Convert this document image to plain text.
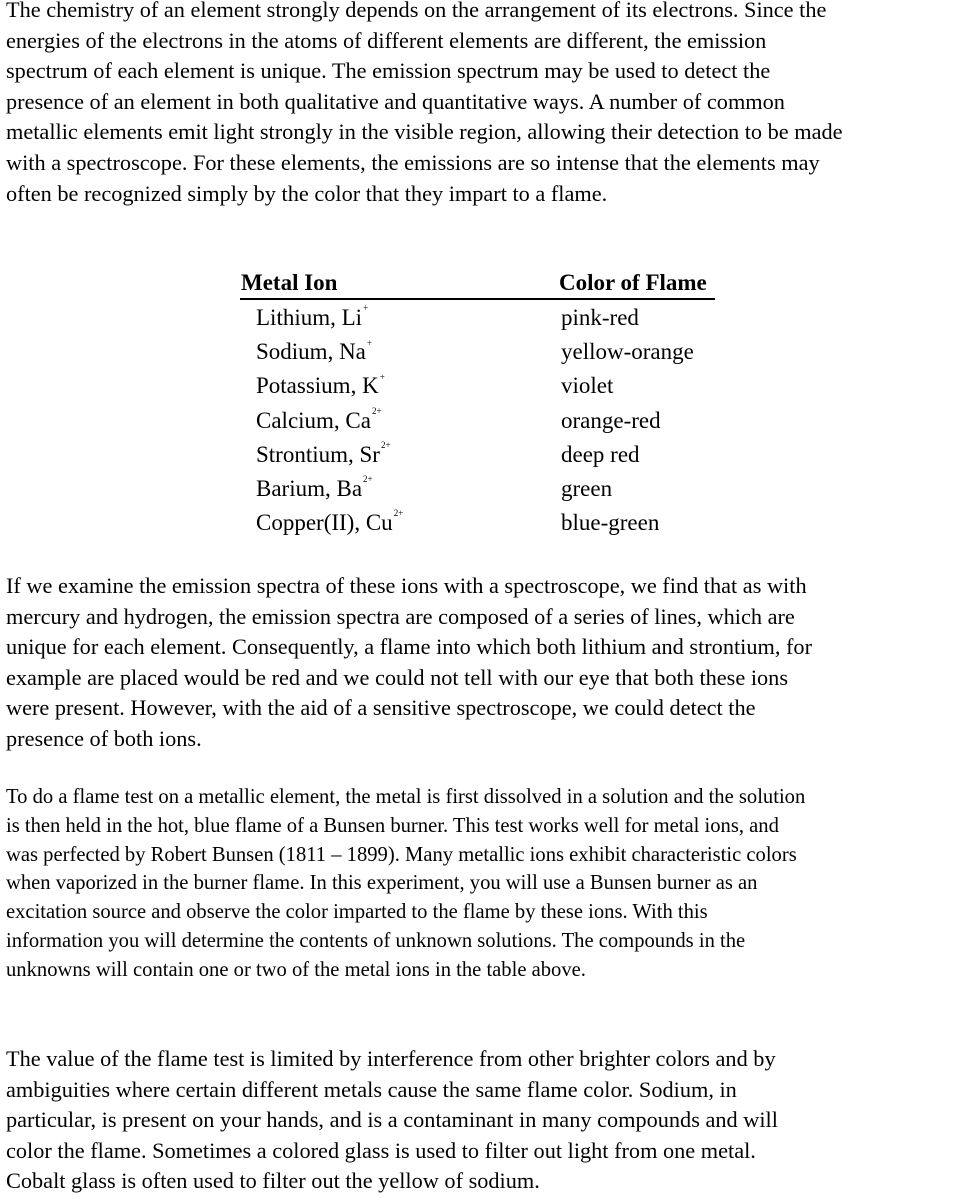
The chemistry of an element strongly depends on the arrangement of its electrons. Since the
energies of the electrons in the atoms of different elements are different, the emission
spectrum of each element is unique. The emission spectrum may be used to detect the
presence of an element in both qualitative and quantitative ways. A number of common
metallic elements emit light strongly in the visible region, allowing their detection to be made
with a spectroscope. For these elements, the emissions are so intense that the elements may
often be recognized simply by the color that they impart to a flame.

Metal Ion	Color of Flame
Lithium, Li+	pink-red
Sodium, Na+	yellow-orange
Potassium, K+	violet
Calcium, $Ca^{2+}$	orange-red
Strontium, $Sr^{2+}$	deep red
Barium, $Ba^{2+}$	green
Copper(II), $Cu^{2+}$	blue-green

If we examine the emission spectra of these ions with a spectroscope, we find that as with
mercury and hydrogen, the emission spectra are composed of a series of lines, which are
unique for each element. Consequently, a flame into which both lithium and strontium, for
example are placed would be red and we could not tell with our eye that both these ions
were present. However, with the aid of a sensitive spectroscope, we could detect the
presence of both ions.

To do a flame test on a metallic element, the metal is first dissolved in a solution and the solution
is then held in the hot, blue flame of a Bunsen burner. This test works well for metal ions, and
was perfected by Robert Bunsen (1811 – 1899). Many metallic ions exhibit characteristic colors
when vaporized in the burner flame. In this experiment, you will use a Bunsen burner as an
excitation source and observe the color imparted to the flame by these ions. With this
information you will determine the contents of unknown solutions. The compounds in the
unknowns will contain one or two of the metal ions in the table above.

The value of the flame test is limited by interference from other brighter colors and by
ambiguities where certain different metals cause the same flame color. Sodium, in
particular, is present on your hands, and is a contaminant in many compounds and will
color the flame. Sometimes a colored glass is used to filter out light from one metal.
Cobalt glass is often used to filter out the yellow of sodium.
